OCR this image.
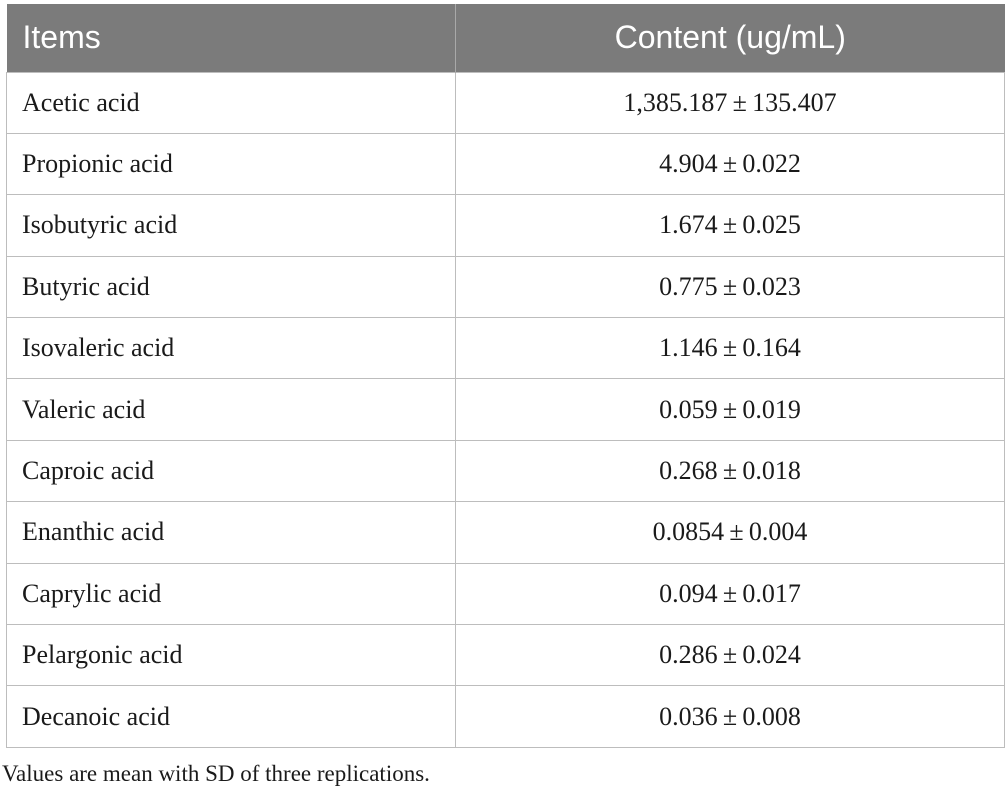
Items	Content (ug/mL)
Acetic acid	1,385.187 ± 135.407
Propionic acid	4.904 ± 0.022
Isobutyric acid	1.674 ± 0.025
Butyric acid	0.775 ± 0.023
Isovaleric acid	1.146 ± 0.164
Valeric acid	0.059 ± 0.019
Caproic acid	0.268 ± 0.018
Enanthic acid	0.0854 ± 0.004
Caprylic acid	0.094 ± 0.017
Pelargonic acid	0.286 ± 0.024
Decanoic acid	0.036 ± 0.008
Values are mean with SD of three replications.
